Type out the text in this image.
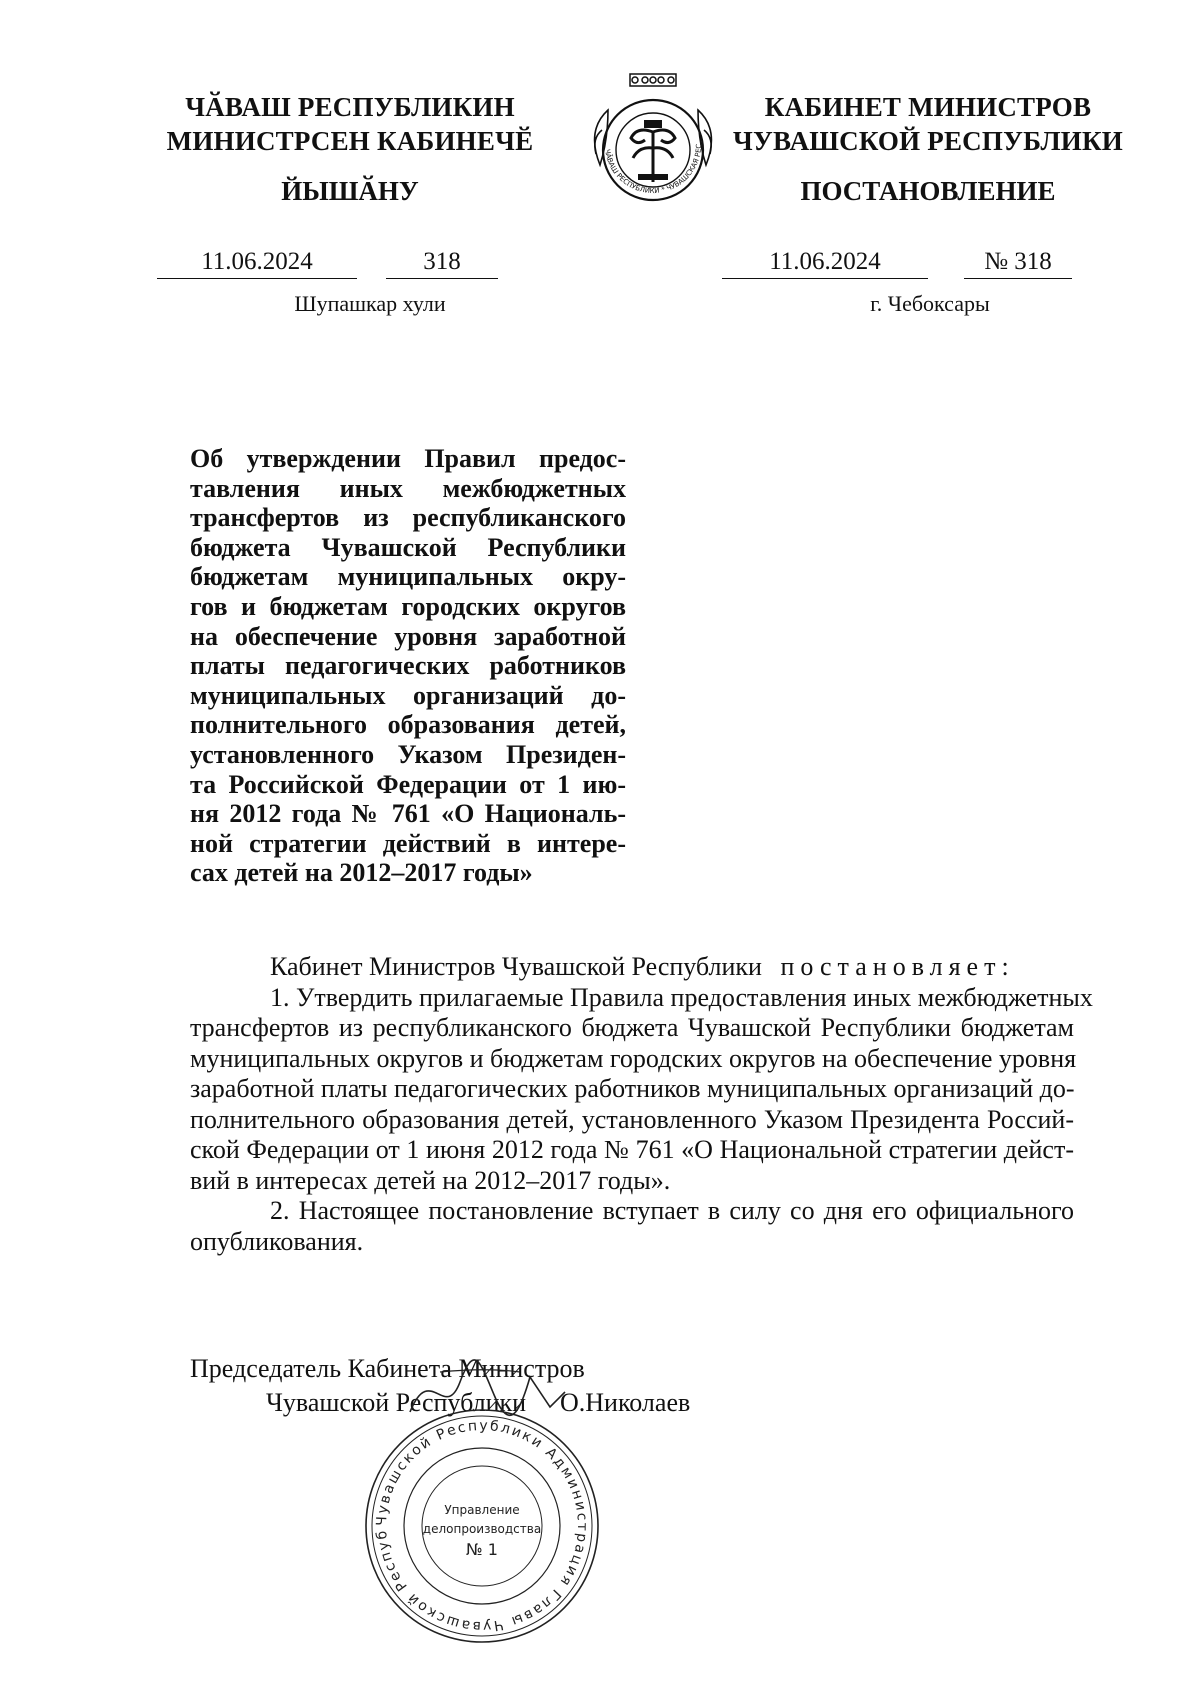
ЧӐВАШ РЕСПУБЛИКИН
МИНИСТРСЕН КАБИНЕЧӖ
ЙЫШӐНУ
КАБИНЕТ МИНИСТРОВ
ЧУВАШСКОЙ РЕСПУБЛИКИ
ПОСТАНОВЛЕНИЕ
ЧӐВАШ РЕСПУБЛИКИ * ЧУВАШСКАЯ РЕС
11.06.2024	318
Шупашкар хули
11.06.2024	№ 318
г. Чебоксары
Об утверждении Правил предос-
тавления иных межбюджетных
трансфертов из республиканского
бюджета Чувашской Республики
бюджетам муниципальных окру-
гов и бюджетам городских округов
на обеспечение уровня заработной
платы педагогических работников
муниципальных организаций до-
полнительного образования детей,
установленного Указом Президен-
та Российской Федерации от 1 ию-
ня 2012 года № 761 «О Националь-
ной стратегии действий в интере-
сах детей на 2012–2017 годы»

Кабинет Министров Чувашской Республики постановляет:

1. Утвердить прилагаемые Правила предоставления иных межбюджетных
трансфертов из республиканского бюджета Чувашской Республики бюджетам
муниципальных округов и бюджетам городских округов на обеспечение уровня
заработной платы педагогических работников муниципальных организаций до-
полнительного образования детей, установленного Указом Президента Россий-
ской Федерации от 1 июня 2012 года № 761 «О Национальной стратегии дейст-
вий в интересах детей на 2012–2017 годы».
2. Настоящее постановление вступает в силу со дня его официального
опубликования.
Председатель Кабинета Министров
Чувашской Республики О.Николаев
Чувашской Республики Администрация Главы Чувашской Респуб
Управление
делопроизводства
№ 1
